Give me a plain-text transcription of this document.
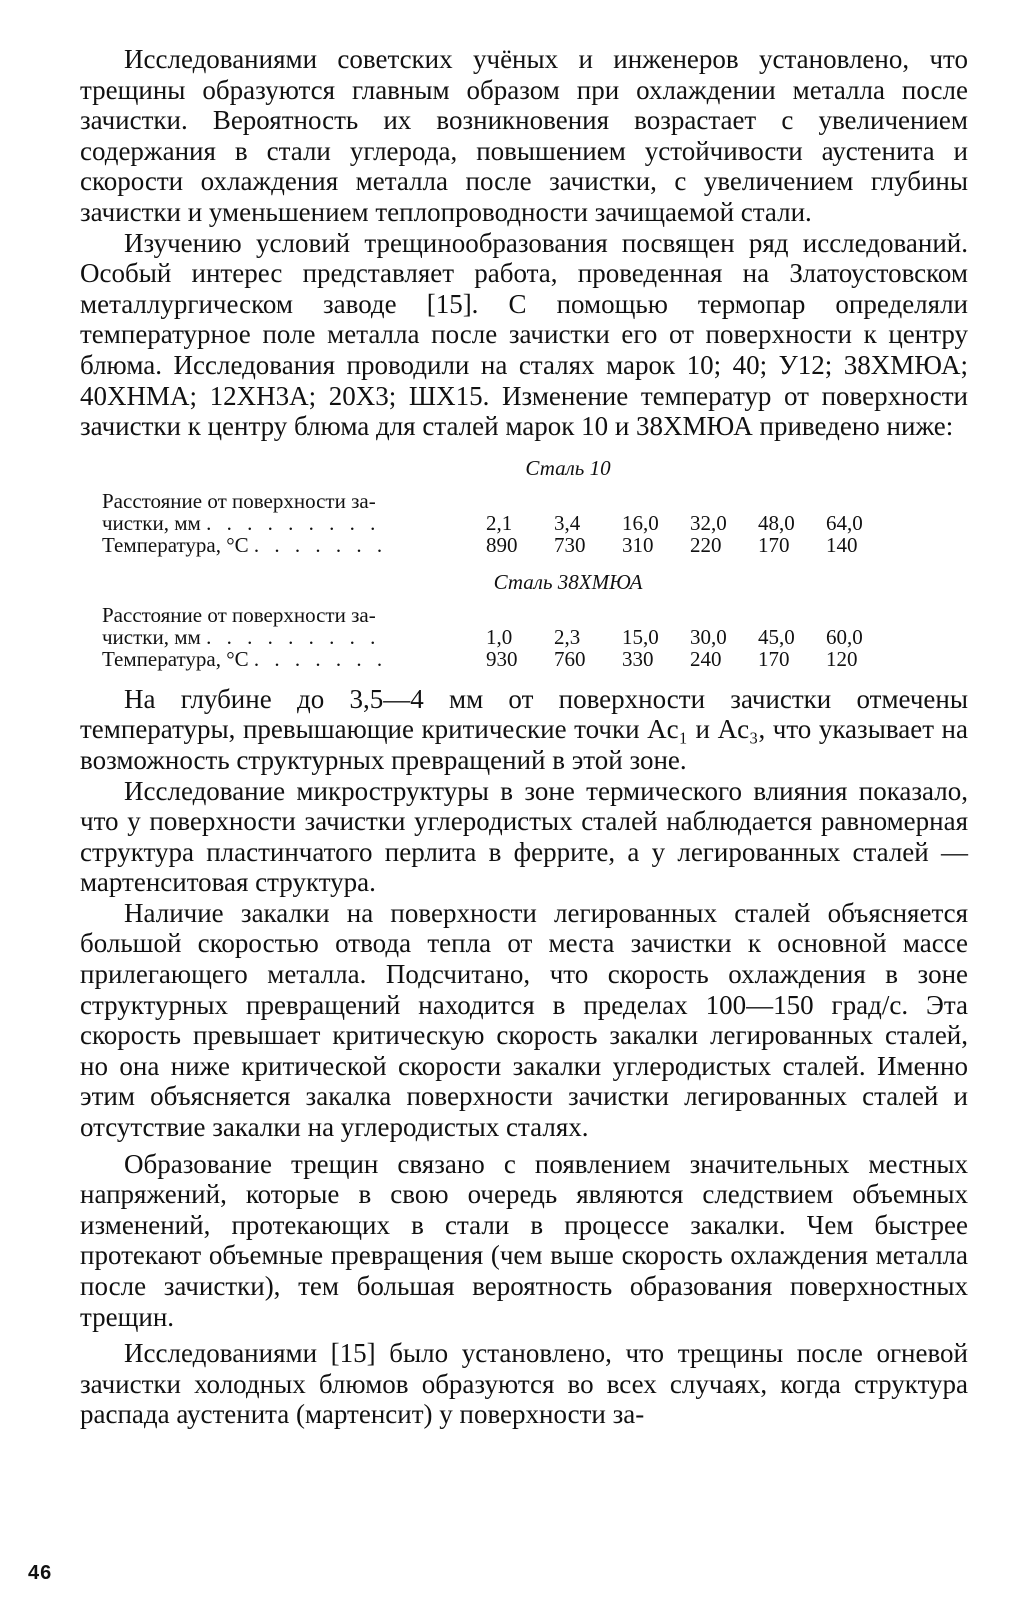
Исследованиями советских учёных и инженеров установлено, что трещины образуются главным образом при охлаждении металла после зачистки. Вероятность их возникновения возрастает с увеличением содержания в стали углерода, повышением устойчивости аустенита и скорости охлаждения металла после зачистки, с увеличением глубины зачистки и уменьшением теплопроводности зачищаемой стали.

Изучению условий трещинообразования посвящен ряд исследований. Особый интерес представляет работа, проведенная на Златоустовском металлургическом заводе [15]. С помощью термопар определяли температурное поле металла после зачистки его от поверхности к центру блюма. Исследования проводили на сталях марок 10; 40; У12; 38ХМЮА; 40ХНМА; 12ХН3А; 20Х3; ШХ15. Изменение температур от поверхности зачистки к центру блюма для сталей марок 10 и 38ХМЮА приведено ниже:

Сталь 10
Расстояние от поверхности за-						
чистки, мм . . . . . . . . .	2,1	3,4	16,0	32,0	48,0	64,0
Температура, °С . . . . . . .	890	730	310	220	170	140
Сталь 38ХМЮА
Расстояние от поверхности за-						
чистки, мм . . . . . . . . .	1,0	2,3	15,0	30,0	45,0	60,0
Температура, °С . . . . . . .	930	760	330	240	170	120

На глубине до 3,5—4 мм от поверхности зачистки отмечены температуры, превышающие критические точки Ac₁ и Ac₃, что указывает на возможность структурных превращений в этой зоне.

Исследование микроструктуры в зоне термического влияния показало, что у поверхности зачистки углеродистых сталей наблюдается равномерная структура пластинчатого перлита в феррите, а у легированных сталей — мартенситовая структура.

Наличие закалки на поверхности легированных сталей объясняется большой скоростью отвода тепла от места зачистки к основной массе прилегающего металла. Подсчитано, что скорость охлаждения в зоне структурных превращений находится в пределах 100—150 град/с. Эта скорость превышает критическую скорость закалки легированных сталей, но она ниже критической скорости закалки углеродистых сталей. Именно этим объясняется закалка поверхности зачистки легированных сталей и отсутствие закалки на углеродистых сталях.

Образование трещин связано с появлением значительных местных напряжений, которые в свою очередь являются следствием объемных изменений, протекающих в стали в процессе закалки. Чем быстрее протекают объемные превращения (чем выше скорость охлаждения металла после зачистки), тем большая вероятность образования поверхностных трещин.

Исследованиями [15] было установлено, что трещины после огневой зачистки холодных блюмов образуются во всех случаях, когда структура распада аустенита (мартенсит) у поверхности за-

46
